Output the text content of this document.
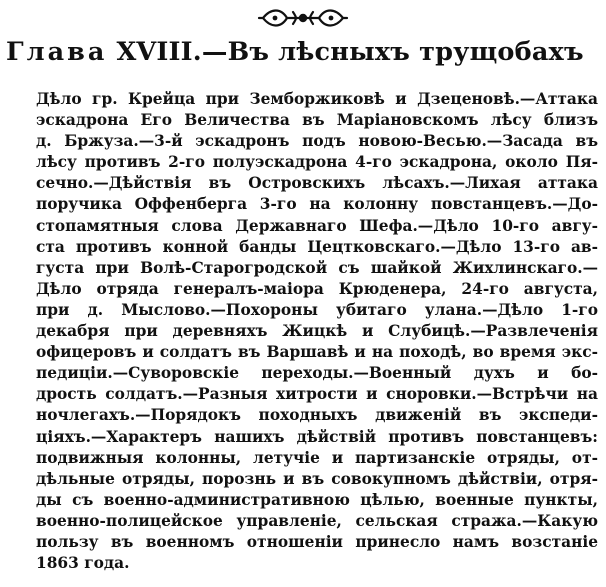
Глава XVIII.—Въ лѣсныхъ трущобахъ

Дѣло гр. Крейца при Земборжиковѣ и Дзеценовѣ.—Аттака
эскадрона Его Величества въ Маріановскомъ лѣсу близъ
д. Бржуза.—3-й эскадронъ подъ новою-Весью.—Засада въ
лѣсу противъ 2-го полуэскадрона 4-го эскадрона, около Пя-
сечно.—Дѣйствія въ Островскихъ лѣсахъ.—Лихая аттака
поручика Оффенберга 3-го на колонну повстанцевъ.—До-
стопамятныя слова Державнаго Шефа.—Дѣло 10-го авгу-
ста противъ конной банды Цецтковскаго.—Дѣло 13-го ав-
густа при Волѣ-Старогродской съ шайкой Жихлинскаго.—
Дѣло отряда генералъ-маіора Крюденера, 24-го августа,
при д. Мыслово.—Похороны убитаго улана.—Дѣло 1-го
декабря при деревняхъ Жицкѣ и Слубицѣ.—Развлеченія
офицеровъ и солдатъ въ Варшавѣ и на походѣ, во время экс-
педиціи.—Суворовскіе переходы.—Военный духъ и бо-
дрость солдатъ.—Разныя хитрости и сноровки.—Встрѣчи на
ночлегахъ.—Порядокъ походныхъ движеній въ экспеди-
ціяхъ.—Характеръ нашихъ дѣйствій противъ повстанцевъ:
подвижныя колонны, летучіе и партизанскіе отряды, от-
дѣльные отряды, порознь и въ совокупномъ дѣйствіи, отря-
ды съ военно-административною цѣлью, военные пункты,
военно-полицейское управленіе, сельская стража.—Какую
пользу въ военномъ отношеніи принесло намъ возстаніе
1863 года.
